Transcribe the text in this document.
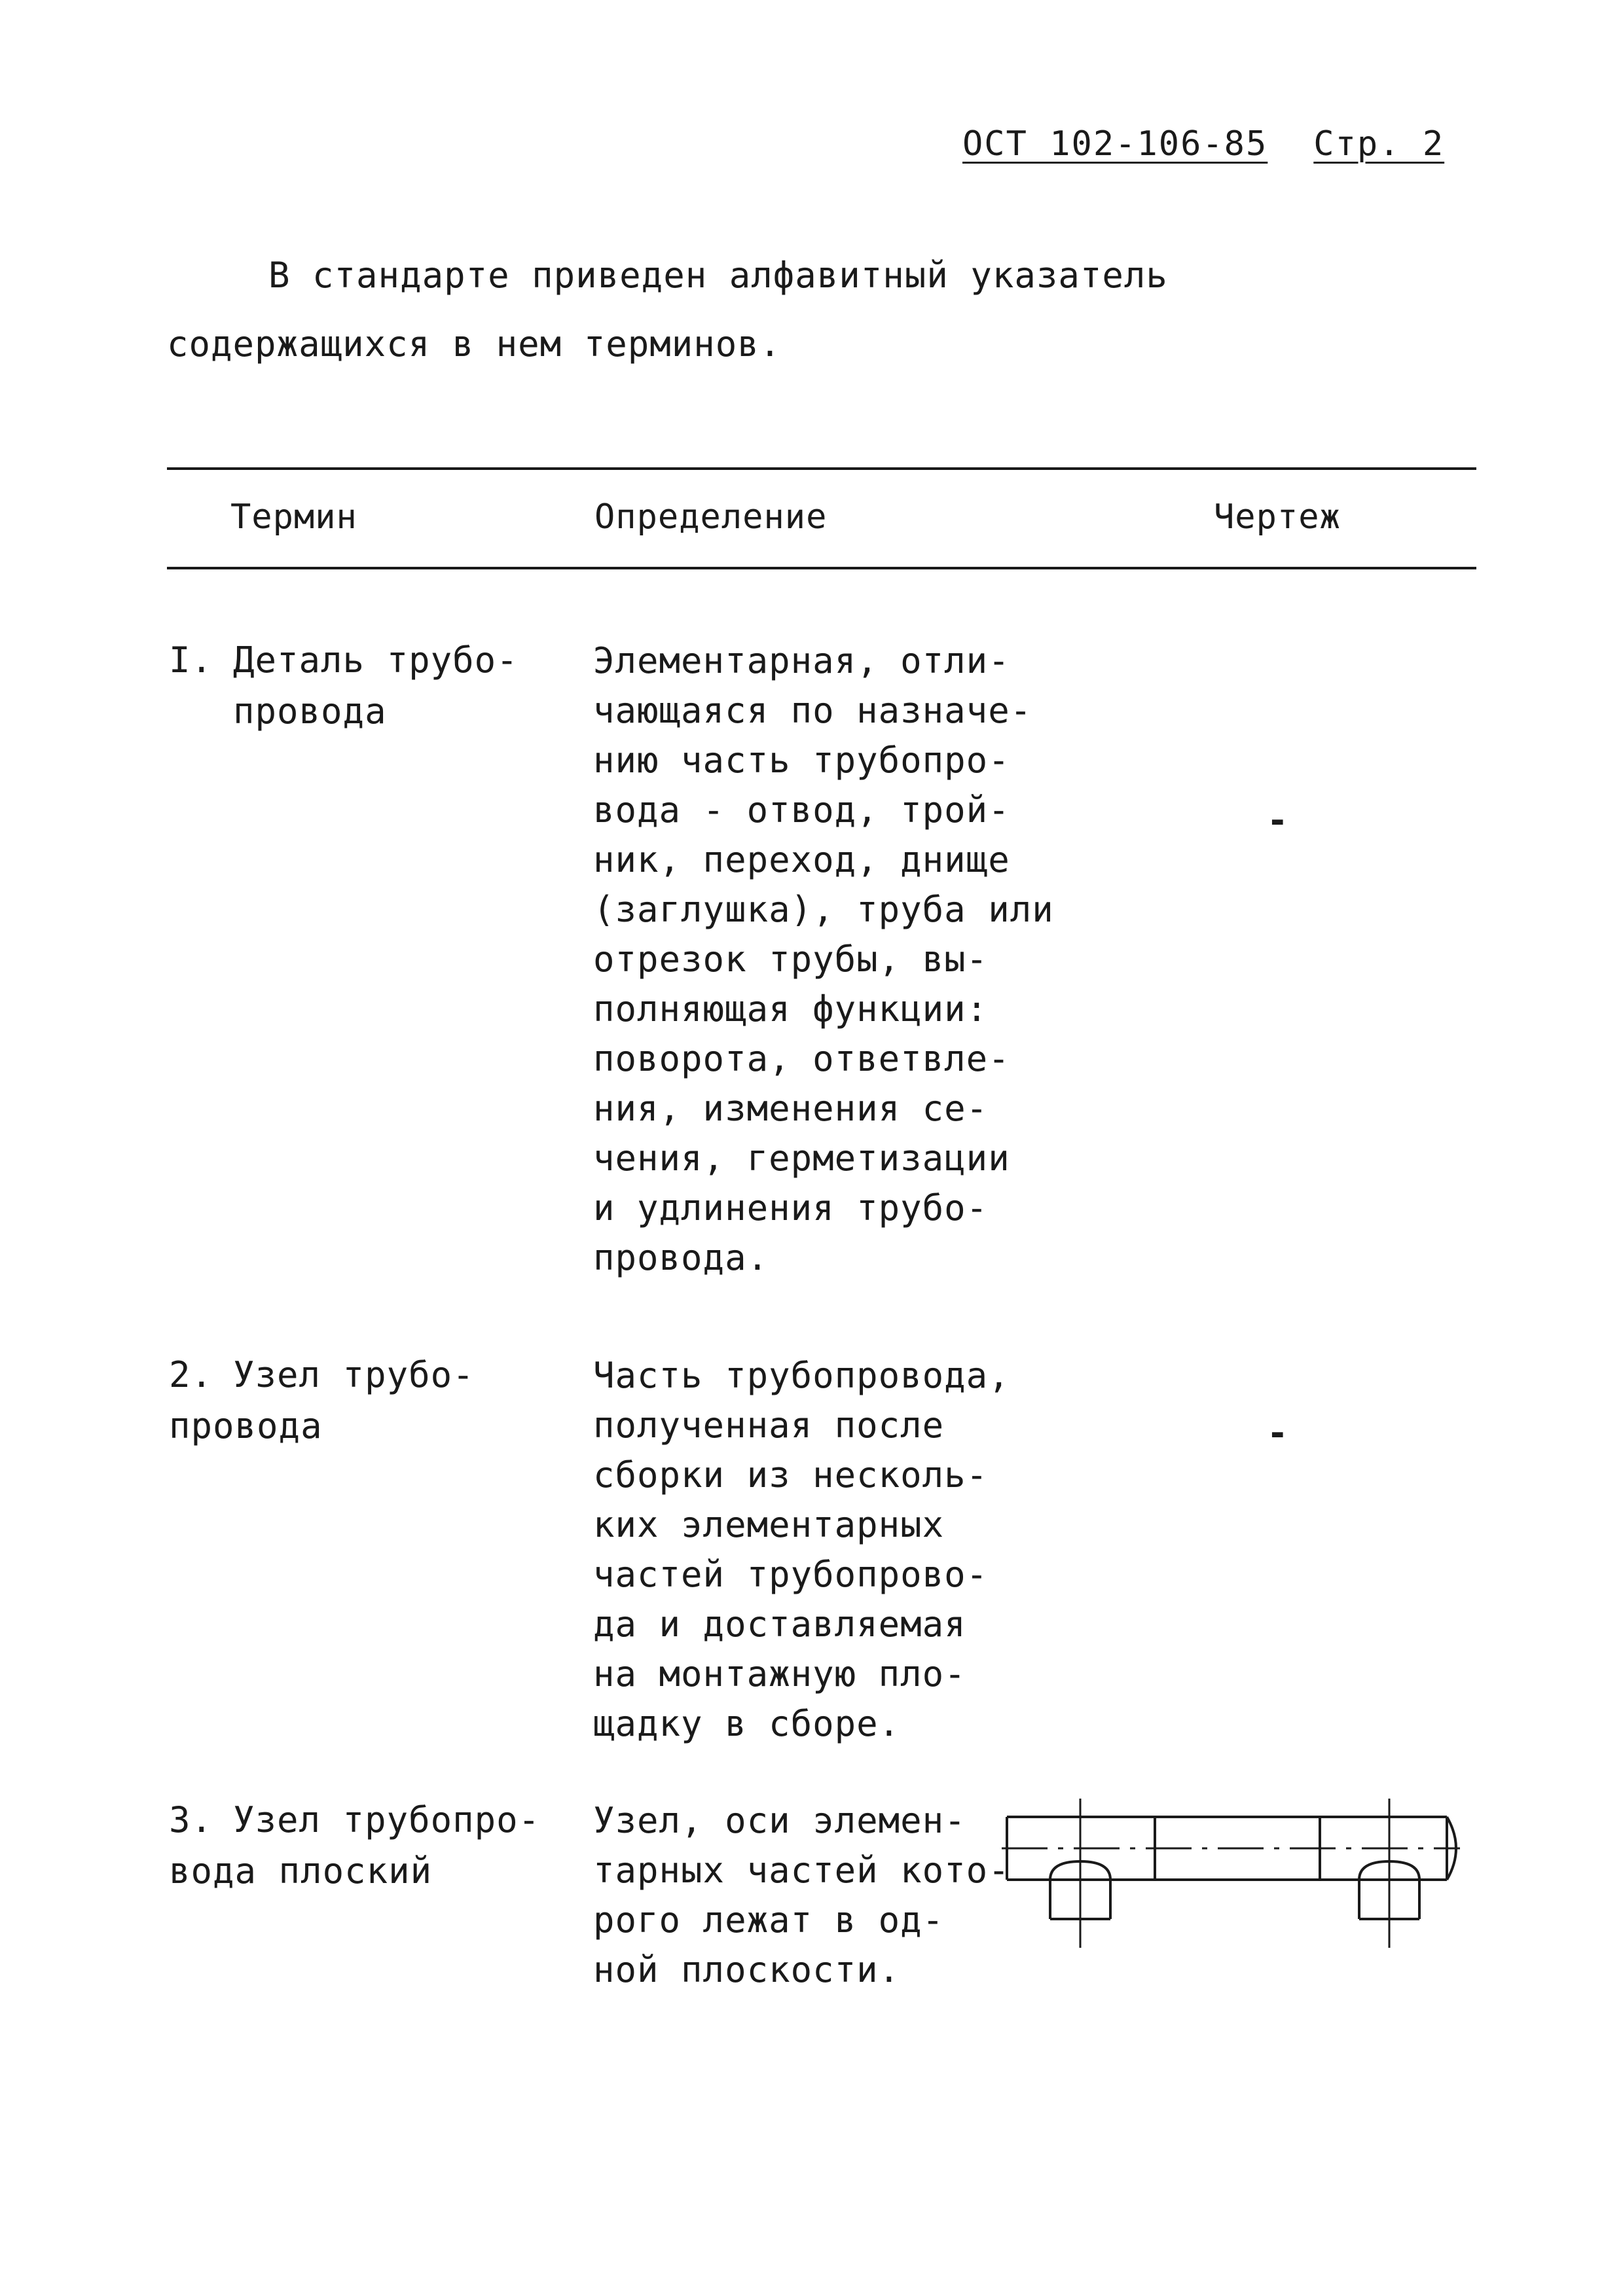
ОСТ 102-106-85 Стр. 2
В стандарте приведен алфавитный указатель содержащихся в нем терминов.
Термин	Определение	Чертеж
I. Деталь трубо-
провода
Элементарная, отли-
чающаяся по назначе-
нию часть трубопро-
вода - отвод, трой-
ник, переход, днище
(заглушка), труба или
отрезок трубы, вы-
полняющая функции:
поворота, ответвле-
ния, изменения се-
чения, герметизации
и удлинения трубо-
провода.
-
2. Узел трубо-
провода
Часть трубопровода,
полученная после
сборки из несколь-
ких элементарных
частей трубопрово-
да и доставляемая
на монтажную пло-
щадку в сборе.
-
3. Узел трубопро-
вода плоский
Узел, оси элемен-
тарных частей кото-
рого лежат в од-
ной плоскости.
